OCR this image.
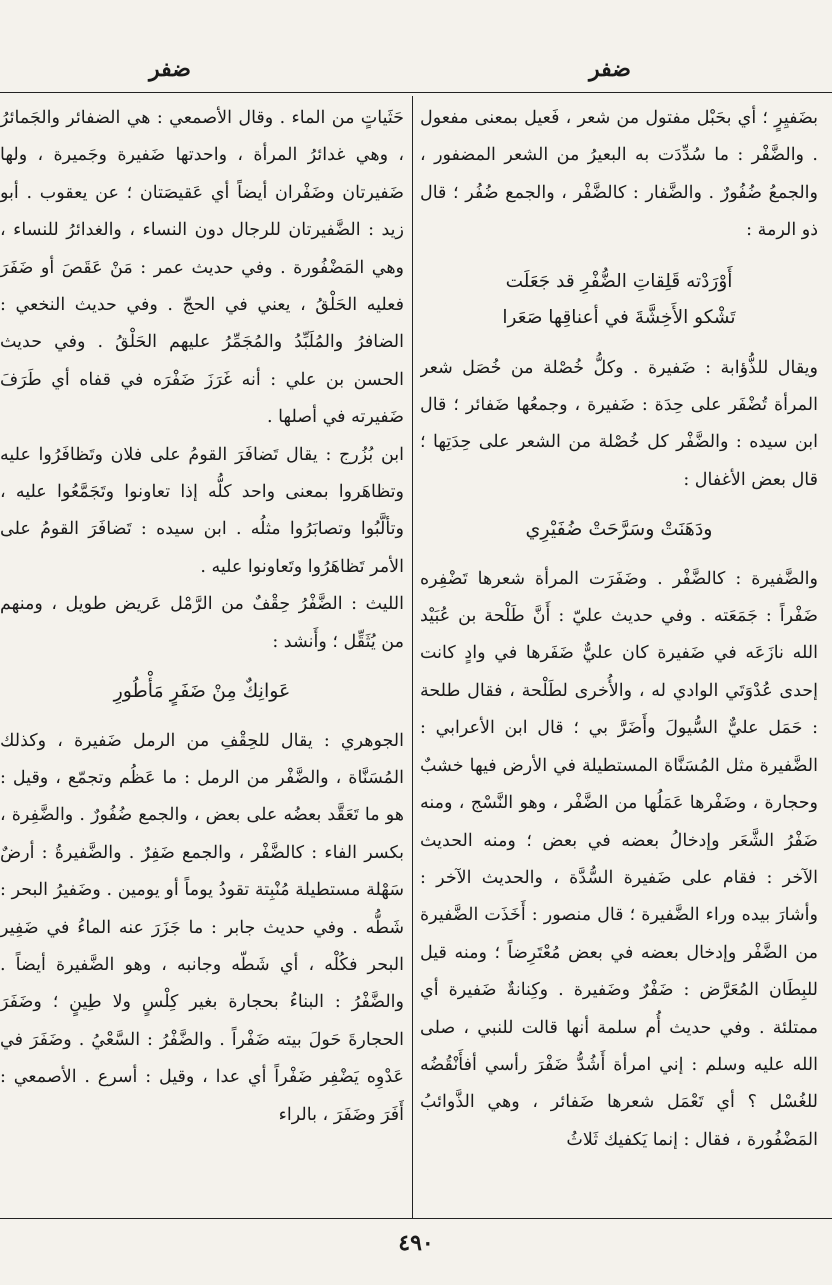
ضفر
ضفر

بضَفيِرٍ ؛ أي بحَبْل مفتول من شعر ، فَعيل بمعنى مفعول . والضَّفْر : ما سُدِّدَت به البعيرُ من الشعر المضفور ، والجمعُ ضُفُورٌ . والضَّفار : كالضَّفْر ، والجمع ضُفُر ؛ قال ذو الرمة :

أَوْرَدْته قَلِقاتِ الضُّفْرِ قد جَعَلَت
تَشْكو الأَخِشَّةَ في أعناقِها صَعَرا

ويقال للذُّؤابة : ضَفيرة . وكلُّ خُصْلة من خُصَل شعر المرأة تُضْفَر على حِدَة : ضَفيرة ، وجمعُها ضَفائر ؛ قال ابن سيده : والضَّفْر كل خُصْلة من الشعر على حِدَتِها ؛ قال بعض الأغفال :

ودَهَنَتْ وسَرَّحَتْ ضُفَيْرِي

والضَّفيرة : كالضَّفْر . وضَفَرَت المرأة شعرها تَضْفِره ضَفْراً : جَمَعَته . وفي حديث عليّ : أَنَّ طَلْحة بن عُبَيْد الله نازَعَه في ضَفيرة كان عليٌّ ضَفَرها في وادٍ كانت إحدى عُدْوَتَي الوادي له ، والأُخرى لطَلْحة ، فقال طلحة : حَمَل عليٌّ السُّيولَ وأَضَرَّ بي ؛ قال ابن الأعرابي : الضَّفيرة مثل المُسَنَّاة المستطيلة في الأرض فيها خشبٌ وحجارة ، وضَفْرها عَمَلُها من الضَّفْر ، وهو النَّسْج ، ومنه ضَفْرُ الشَّعَر وإدخالُ بعضه في بعض ؛ ومنه الحديث الآخر : فقام على ضَفيرة السُّدَّة ، والحديث الآخر : وأشارَ بيده وراء الضَّفيرة ؛ قال منصور : أَخَذَت الضَّفيرة من الضَّفْر وإدخال بعضه في بعض مُعْتَرِضاً ؛ ومنه قيل للبِطَان المُعَرَّض : ضَفْرٌ وضَفيرة . وكِنانةٌ ضَفيرة أي ممتلئة . وفي حديث أُم سلمة أنها قالت للنبي ، صلى الله عليه وسلم : إني امرأة أَشُدُّ ضَفْرَ رأسي أفأَنْقُضُه للغُسْل ؟ أي تَعْمَل شعرها ضَفائر ، وهي الذَّوائبُ المَضْفُورة ، فقال : إنما يَكفيك ثَلاثُ

حَثَياتٍ من الماء . وقال الأصمعي : هي الضفائر والجَمائرُ ، وهي غدائرُ المرأة ، واحدتها ضَفيرة وجَميرة ، ولها ضَفيرتان وضَفْران أيضاً أي عَقيصَتان ؛ عن يعقوب . أبو زيد : الضَّفيرتان للرجال دون النساء ، والغدائرُ للنساء ، وهي المَضْفُورة . وفي حديث عمر : مَنْ عَقَصَ أو ضَفَرَ فعليه الحَلْقُ ، يعني في الحجّ . وفي حديث النخعي : الضافرُ والمُلَبِّدُ والمُجَمِّرُ عليهم الحَلْقُ . وفي حديث الحسن بن علي : أنه غَرَزَ ضَفْرَه في قفاه أي طَرَفَ ضَفيرته في أصلها .

ابن بُزُرج : يقال تَضافَرَ القومُ على فلان وتَظافَرُوا عليه وتظاهَروا بمعنى واحد كلُّه إذا تعاونوا وتَجَمَّعُوا عليه ، وتألَّبُوا وتصابَرُوا مثلُه . ابن سيده : تَضافَرَ القومُ على الأمر تَظاهَرُوا وتَعاونوا عليه .

الليث : الضَّفْرُ حِقْفٌ من الرَّمْل عَريض طويل ، ومنهم من يُثَقِّل ؛ وأَنشد :

عَوانِكٌ مِنْ ضَفَرٍ مَأْطُورِ

الجوهري : يقال للحِقْفِ من الرمل ضَفيرة ، وكذلك المُسَنَّاة ، والضَّفْر من الرمل : ما عَظُم وتجمّع ، وقيل : هو ما تَعَقَّد بعضُه على بعض ، والجمع ضُفُورٌ . والضَّفِرة ، بكسر الفاء : كالضَّفْر ، والجمع ضَفِرٌ . والضَّفيرةُ : أرضٌ سَهْلة مستطيلة مُنْبِتة تقودُ يوماً أو يومين . وضَفيرُ البحر : شَطُّه . وفي حديث جابر : ما جَزَرَ عنه الماءُ في ضَفِير البحر فكُلْه ، أي شَطّه وجانبه ، وهو الضَّفيرة أيضاً . والضَّفْرُ : البناءُ بحجارة بغير كِلْسٍ ولا طِينٍ ؛ وضَفَرَ الحجارةَ حَولَ بيته ضَفْراً . والضَّفْرُ : السَّعْيُ . وضَفَرَ في عَدْوِه يَضْفِر ضَفْراً أي عدا ، وقيل : أسرع . الأصمعي : أَفَرَ وضَفَرَ ، بالراء

٤٩٠
